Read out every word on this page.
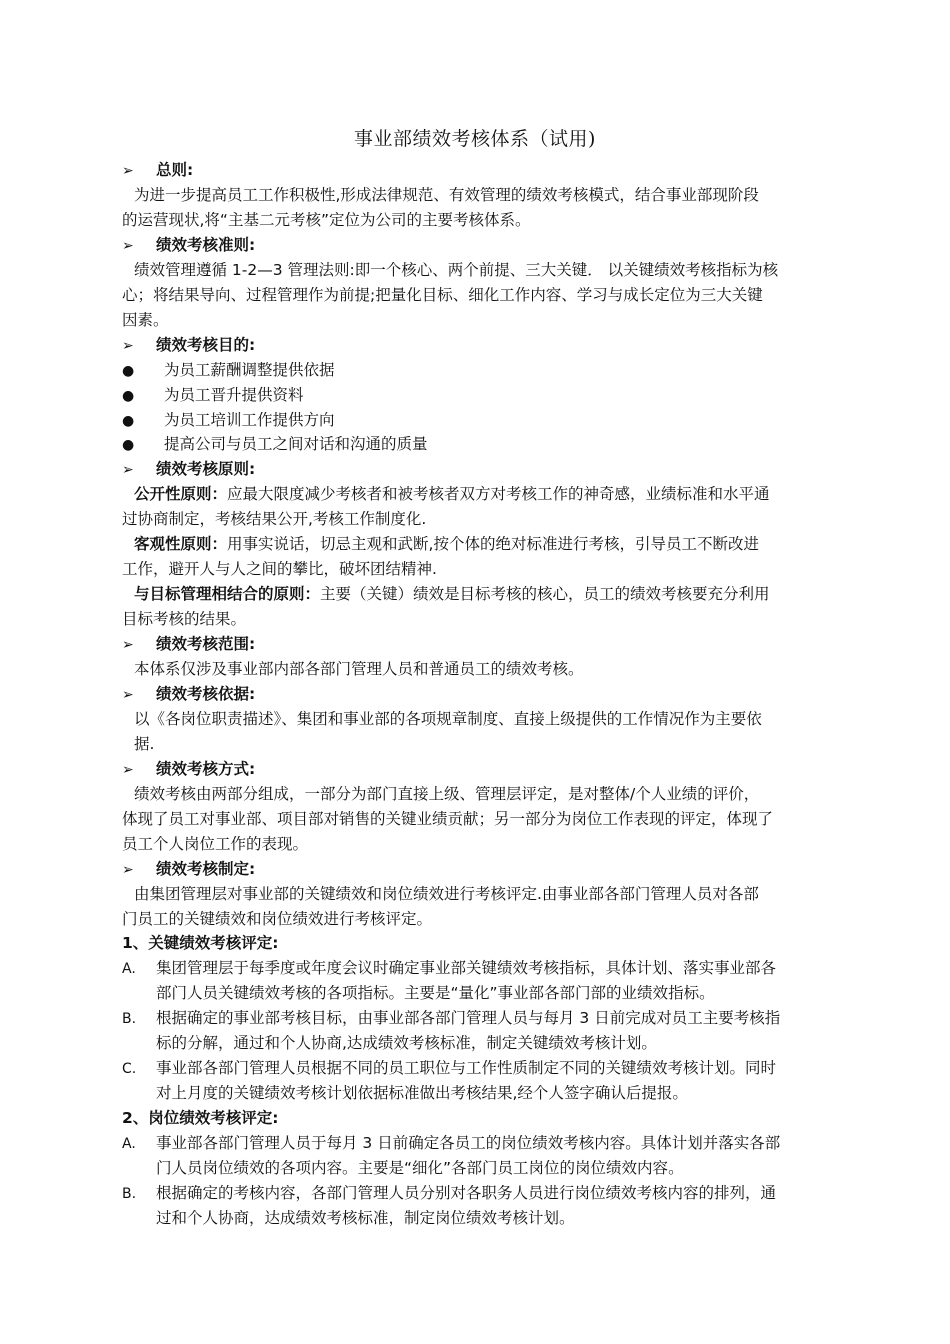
事业部绩效考核体系（试用)
➢ 总则:
为进一步提高员工工作积极性,形成法律规范、有效管理的绩效考核模式，结合事业部现阶段
的运营现状,将“主基二元考核”定位为公司的主要考核体系。
➢ 绩效考核准则:
绩效管理遵循 1-2—3 管理法则:即一个核心、两个前提、三大关键． 以关键绩效考核指标为核
心；将结果导向、过程管理作为前提;把量化目标、细化工作内容、学习与成长定位为三大关键
因素。
➢ 绩效考核目的:
● 为员工薪酬调整提供依据
● 为员工晋升提供资料
● 为员工培训工作提供方向
● 提高公司与员工之间对话和沟通的质量
➢ 绩效考核原则:
公开性原则：应最大限度减少考核者和被考核者双方对考核工作的神奇感，业绩标准和水平通
过协商制定，考核结果公开,考核工作制度化.
客观性原则：用事实说话，切忌主观和武断,按个体的绝对标准进行考核，引导员工不断改进
工作，避开人与人之间的攀比，破坏团结精神.
与目标管理相结合的原则：主要（关键）绩效是目标考核的核心，员工的绩效考核要充分利用
目标考核的结果。
➢ 绩效考核范围:
本体系仅涉及事业部内部各部门管理人员和普通员工的绩效考核。
➢ 绩效考核依据:
以《各岗位职责描述》、集团和事业部的各项规章制度、直接上级提供的工作情况作为主要依
据.
➢ 绩效考核方式:
绩效考核由两部分组成，一部分为部门直接上级、管理层评定，是对整体/个人业绩的评价，
体现了员工对事业部、项目部对销售的关键业绩贡献；另一部分为岗位工作表现的评定，体现了
员工个人岗位工作的表现。
➢ 绩效考核制定:
由集团管理层对事业部的关键绩效和岗位绩效进行考核评定.由事业部各部门管理人员对各部
门员工的关键绩效和岗位绩效进行考核评定。
1、关键绩效考核评定:
A. 集团管理层于每季度或年度会议时确定事业部关键绩效考核指标，具体计划、落实事业部各
部门人员关键绩效考核的各项指标。主要是“量化”事业部各部门部的业绩效指标。
B. 根据确定的事业部考核目标，由事业部各部门管理人员与每月 3 日前完成对员工主要考核指
标的分解，通过和个人协商,达成绩效考核标准，制定关键绩效考核计划。
C. 事业部各部门管理人员根据不同的员工职位与工作性质制定不同的关键绩效考核计划。同时
对上月度的关键绩效考核计划依据标准做出考核结果,经个人签字确认后提报。
2、岗位绩效考核评定:
A. 事业部各部门管理人员于每月 3 日前确定各员工的岗位绩效考核内容。具体计划并落实各部
门人员岗位绩效的各项内容。主要是“细化”各部门员工岗位的岗位绩效内容。
B. 根据确定的考核内容，各部门管理人员分别对各职务人员进行岗位绩效考核内容的排列，通
过和个人协商，达成绩效考核标准，制定岗位绩效考核计划。
